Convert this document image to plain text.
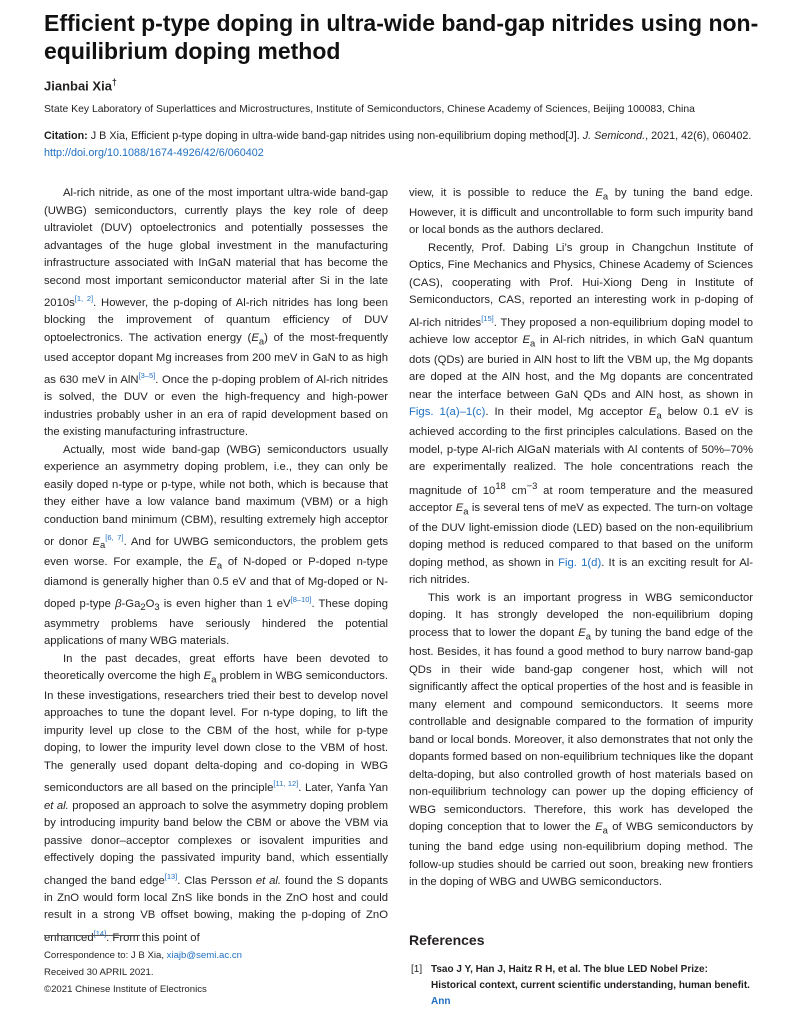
Efficient p-type doping in ultra-wide band-gap nitrides using non-equilibrium doping method

Jianbai Xia†

State Key Laboratory of Superlattices and Microstructures, Institute of Semiconductors, Chinese Academy of Sciences, Beijing 100083, China

Citation: J B Xia, Efficient p-type doping in ultra-wide band-gap nitrides using non-equilibrium doping method[J]. J. Semicond., 2021, 42(6), 060402. http://doi.org/10.1088/1674-4926/42/6/060402

Al-rich nitride, as one of the most important ultra-wide band-gap (UWBG) semiconductors, currently plays the key role of deep ultraviolet (DUV) optoelectronics and potentially possesses the advantages of the huge global investment in the manufacturing infrastructure associated with InGaN material that has become the second most important semiconductor material after Si in the late 2010s[1, 2]. However, the p-doping of Al-rich nitrides has long been blocking the improvement of quantum efficiency of DUV optoelectronics. The activation energy $(E_a)$ of the most-frequently used acceptor dopant Mg increases from 200 meV in GaN to as high as 630 meV in AlN[3–5]. Once the p-doping problem of Al-rich nitrides is solved, the DUV or even the high-frequency and high-power industries probably usher in an era of rapid development based on the existing manufacturing infrastructure.

Actually, most wide band-gap (WBG) semiconductors usually experience an asymmetry doping problem, i.e., they can only be easily doped n-type or p-type, while not both, which is because that they either have a low valance band maximum (VBM) or a high conduction band minimum (CBM), resulting extremely high acceptor or donor $E_a[6, 7]$. And for UWBG semiconductors, the problem gets even worse. For example, the $E_a$ of N-doped or P-doped n-type diamond is generally higher than 0.5 eV and that of Mg-doped or N-doped p-type $\beta-Ga_2O_3$ is even higher than 1 eV[8–10]. These doping asymmetry problems have seriously hindered the potential applications of many WBG materials.

In the past decades, great efforts have been devoted to theoretically overcome the high $E_a$ problem in WBG semiconductors. In these investigations, researchers tried their best to develop novel approaches to tune the dopant level. For n-type doping, to lift the impurity level up close to the CBM of the host, while for p-type doping, to lower the impurity level down close to the VBM of host. The generally used dopant delta-doping and co-doping in WBG semiconductors are all based on the principle[11, 12]. Later, Yanfa Yan et al. proposed an approach to solve the asymmetry doping problem by introducing impurity band below the CBM or above the VBM via passive donor–acceptor complexes or isovalent impurities and effectively doping the passivated impurity band, which essentially changed the band edge[13]. Clas Persson et al. found the S dopants in ZnO would form local ZnS like bonds in the ZnO host and could result in a strong VB offset bowing, making the p-doping of ZnO enhanced[14]. From this point of

view, it is possible to reduce the $E_a$ by tuning the band edge. However, it is difficult and uncontrollable to form such impurity band or local bonds as the authors declared.

Recently, Prof. Dabing Li’s group in Changchun Institute of Optics, Fine Mechanics and Physics, Chinese Academy of Sciences (CAS), cooperating with Prof. Hui-Xiong Deng in Institute of Semiconductors, CAS, reported an interesting work in p-doping of Al-rich nitrides[15]. They proposed a non-equilibrium doping model to achieve low acceptor $E_a$ in Al-rich nitrides, in which GaN quantum dots (QDs) are buried in AlN host to lift the VBM up, the Mg dopants are doped at the AlN host, and the Mg dopants are concentrated near the interface between GaN QDs and AlN host, as shown in Figs. 1(a)–1(c). In their model, Mg acceptor $E_a$ below 0.1 eV is achieved according to the first principles calculations. Based on the model, p-type Al-rich AlGaN materials with Al contents of 50%–70% are experimentally realized. The hole concentrations reach the magnitude of $10^{18}$ $cm^{-3}$ at room temperature and the measured acceptor $E_a$ is several tens of meV as expected. The turn-on voltage of the DUV light-emission diode (LED) based on the non-equilibrium doping method is reduced compared to that based on the uniform doping method, as shown in Fig. 1(d). It is an exciting result for Al-rich nitrides.

This work is an important progress in WBG semiconductor doping. It has strongly developed the non-equilibrium doping process that to lower the dopant $E_a$ by tuning the band edge of the host. Besides, it has found a good method to bury narrow band-gap QDs in their wide band-gap congener host, which will not significantly affect the optical properties of the host and is feasible in many element and compound semiconductors. It seems more controllable and designable compared to the formation of impurity band or local bonds. Moreover, it also demonstrates that not only the dopants formed based on non-equilibrium techniques like the dopant delta-doping, but also controlled growth of host materials based on non-equilibrium technology can power up the doping efficiency of WBG semiconductors. Therefore, this work has developed the doping conception that to lower the $E_a$ of WBG semiconductors by tuning the band edge using non-equilibrium doping method. The follow-up studies should be carried out soon, breaking new frontiers in the doping of WBG and UWBG semiconductors.

Correspondence to: J B Xia, xiajb@semi.ac.cn

Received 30 APRIL 2021.

©2021 Chinese Institute of Electronics

References

[1] Tsao J Y, Han J, Haitz R H, et al. The blue LED Nobel Prize: Historical context, current scientific understanding, human benefit. Ann
